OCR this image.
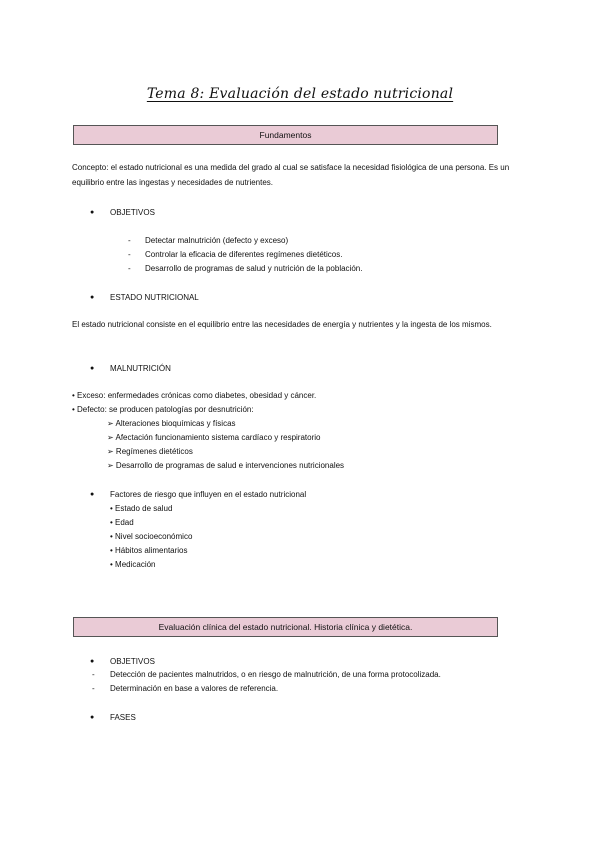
Tema 8: Evaluación del estado nutricional
Fundamentos
Concepto: el estado nutricional es una medida del grado al cual se satisface la necesidad fisiológica de una persona. Es un equilibrio entre las ingestas y necesidades de nutrientes.
● OBJETIVOS
- Detectar malnutrición (defecto y exceso)
- Controlar la eficacia de diferentes regímenes dietéticos.
- Desarrollo de programas de salud y nutrición de la población.
● ESTADO NUTRICIONAL
El estado nutricional consiste en el equilibrio entre las necesidades de energía y nutrientes y la ingesta de los mismos.
● MALNUTRICIÓN
• Exceso: enfermedades crónicas como diabetes, obesidad y cáncer.
• Defecto: se producen patologías por desnutrición:
➢ Alteraciones bioquímicas y físicas
➢ Afectación funcionamiento sistema cardíaco y respiratorio
➢ Regímenes dietéticos
➢ Desarrollo de programas de salud e intervenciones nutricionales
● Factores de riesgo que influyen en el estado nutricional
• Estado de salud
• Edad
• Nivel socioeconómico
• Hábitos alimentarios
• Medicación
Evaluación clínica del estado nutricional. Historia clínica y dietética.
● OBJETIVOS
- Detección de pacientes malnutridos, o en riesgo de malnutrición, de una forma protocolizada.
- Determinación en base a valores de referencia.
● FASES
